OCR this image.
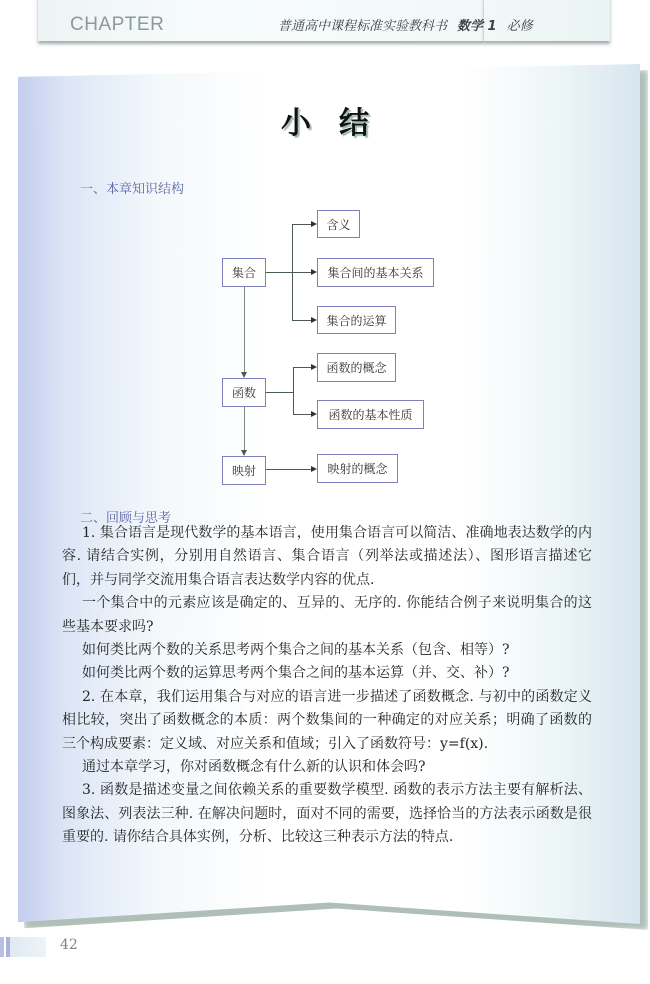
CHAPTER	普通高中课程标准实验教科书 数学 1 必修
小结
一、本章知识结构
集合
函数
映射
含义
集合间的基本关系
集合的运算
函数的概念
函数的基本性质
映射的概念
二、回顾与思考

1. 集合语言是现代数学的基本语言，使用集合语言可以简洁、准确地表达数学的内容. 请结合实例，分别用自然语言、集合语言（列举法或描述法）、图形语言描述它们，并与同学交流用集合语言表达数学内容的优点.

一个集合中的元素应该是确定的、互异的、无序的. 你能结合例子来说明集合的这些基本要求吗?

如何类比两个数的关系思考两个集合之间的基本关系（包含、相等）?

如何类比两个数的运算思考两个集合之间的基本运算（并、交、补）?

2. 在本章，我们运用集合与对应的语言进一步描述了函数概念. 与初中的函数定义相比较，突出了函数概念的本质：两个数集间的一种确定的对应关系；明确了函数的三个构成要素：定义域、对应关系和值域；引入了函数符号：y=f(x).

通过本章学习，你对函数概念有什么新的认识和体会吗?

3. 函数是描述变量之间依赖关系的重要数学模型. 函数的表示方法主要有解析法、图象法、列表法三种. 在解决问题时，面对不同的需要，选择恰当的方法表示函数是很重要的. 请你结合具体实例，分析、比较这三种表示方法的特点.

42
